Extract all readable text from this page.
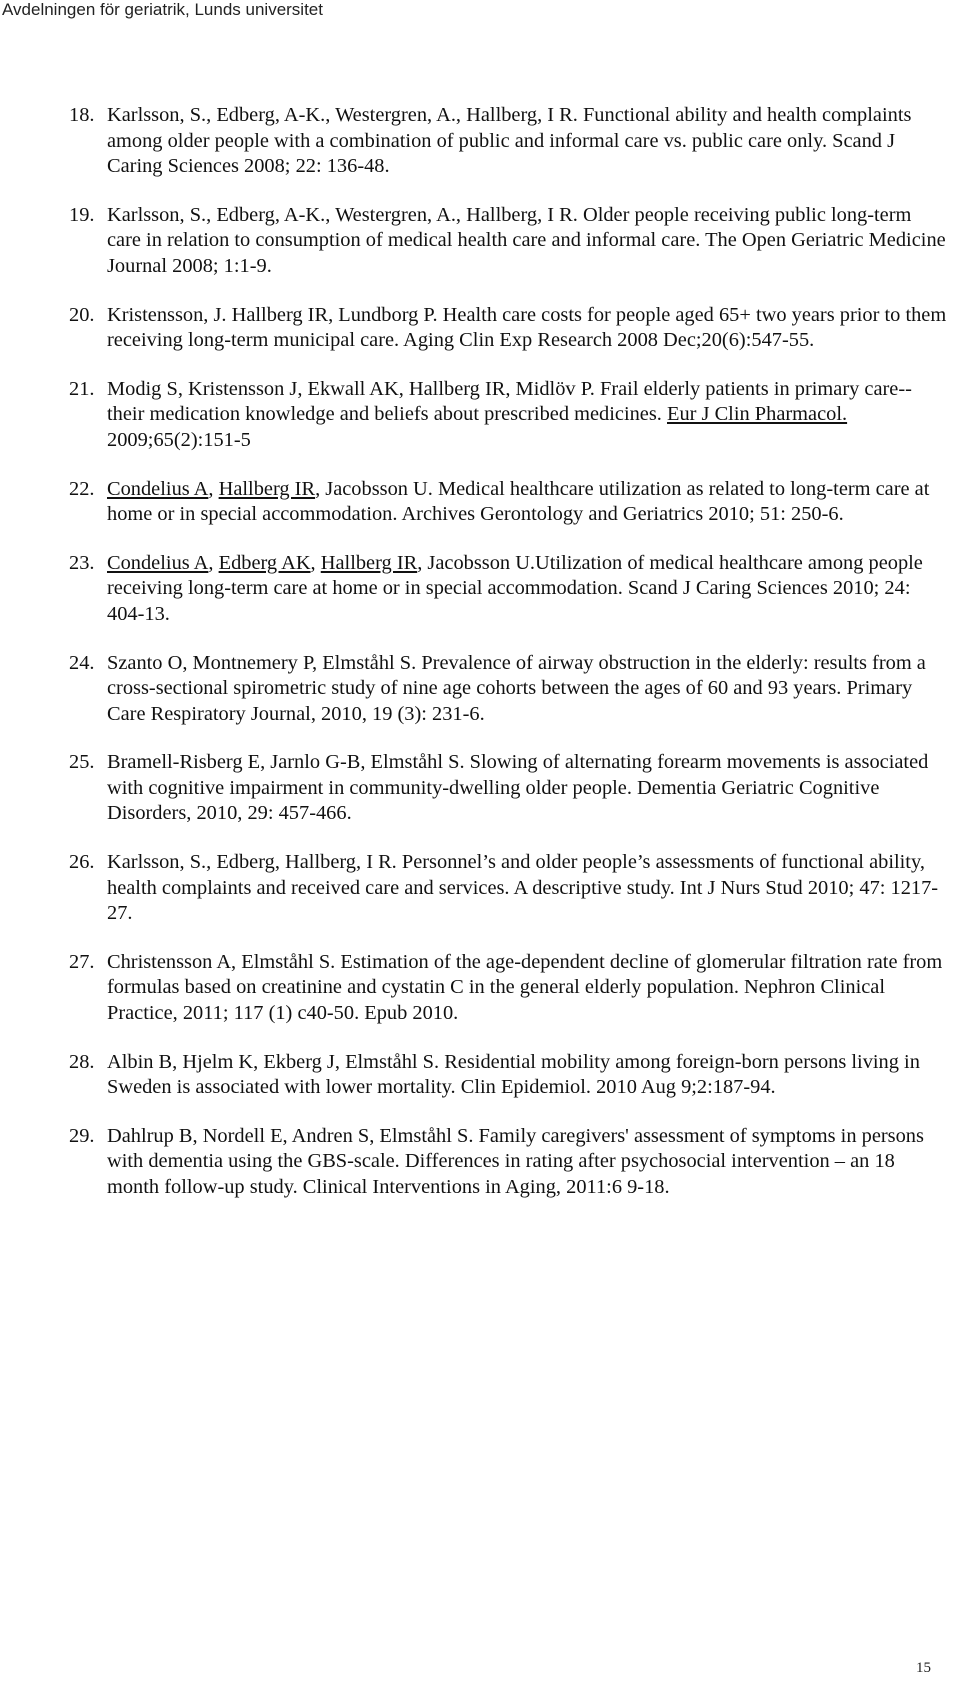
Avdelningen för geriatrik, Lunds universitet
18. Karlsson, S., Edberg, A-K., Westergren, A., Hallberg, I R. Functional ability and health complaints among older people with a combination of public and informal care vs. public care only. Scand J Caring Sciences 2008; 22: 136-48.
19. Karlsson, S., Edberg, A-K., Westergren, A., Hallberg, I R. Older people receiving public long-term care in relation to consumption of medical health care and informal care. The Open Geriatric Medicine Journal 2008; 1:1-9.
20. Kristensson, J. Hallberg IR, Lundborg P. Health care costs for people aged 65+ two years prior to them receiving long-term municipal care. Aging Clin Exp Research 2008 Dec;20(6):547-55.
21. Modig S, Kristensson J, Ekwall AK, Hallberg IR, Midlöv P. Frail elderly patients in primary care--their medication knowledge and beliefs about prescribed medicines. Eur J Clin Pharmacol. 2009;65(2):151-5
22. Condelius A, Hallberg IR, Jacobsson U. Medical healthcare utilization as related to long-term care at home or in special accommodation. Archives Gerontology and Geriatrics 2010; 51: 250-6.
23. Condelius A, Edberg AK, Hallberg IR, Jacobsson U.Utilization of medical healthcare among people receiving long-term care at home or in special accommodation. Scand J Caring Sciences 2010; 24: 404-13.
24. Szanto O, Montnemery P, Elmståhl S. Prevalence of airway obstruction in the elderly: results from a cross-sectional spirometric study of nine age cohorts between the ages of 60 and 93 years. Primary Care Respiratory Journal, 2010, 19 (3): 231-6.
25. Bramell-Risberg E, Jarnlo G-B, Elmståhl S. Slowing of alternating forearm movements is associated with cognitive impairment in community-dwelling older people. Dementia Geriatric Cognitive Disorders, 2010, 29: 457-466.
26. Karlsson, S., Edberg, Hallberg, I R. Personnel’s and older people’s assessments of functional ability, health complaints and received care and services. A descriptive study. Int J Nurs Stud 2010; 47: 1217-27.
27. Christensson A, Elmståhl S. Estimation of the age-dependent decline of glomerular filtration rate from formulas based on creatinine and cystatin C in the general elderly population. Nephron Clinical Practice, 2011; 117 (1) c40-50. Epub 2010.
28. Albin B, Hjelm K, Ekberg J, Elmståhl S. Residential mobility among foreign-born persons living in Sweden is associated with lower mortality. Clin Epidemiol. 2010 Aug 9;2:187-94.
29. Dahlrup B, Nordell E, Andren S, Elmståhl S. Family caregivers' assessment of symptoms in persons with dementia using the GBS-scale. Differences in rating after psychosocial intervention – an 18 month follow-up study. Clinical Interventions in Aging, 2011:6 9-18.
15
